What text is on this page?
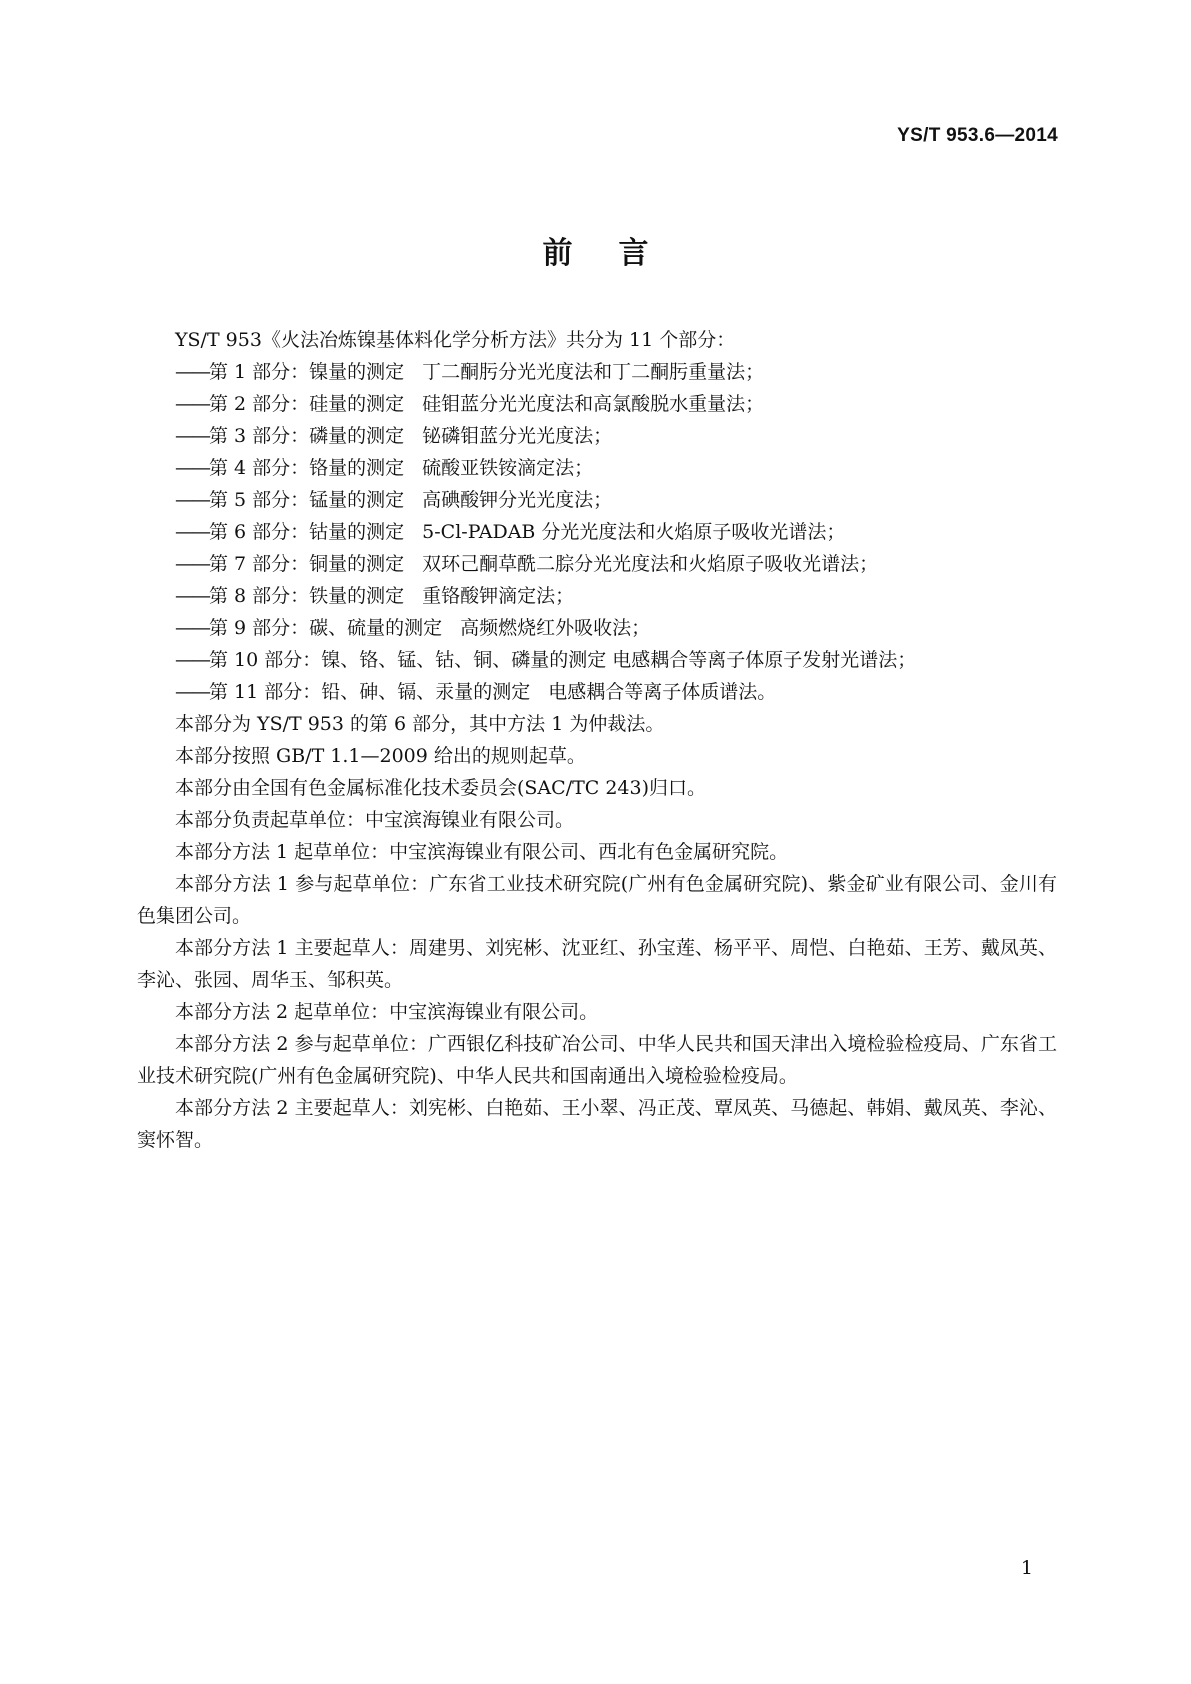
YS/T 953.6—2014
前言

YS/T 953《火法冶炼镍基体料化学分析方法》共分为 11 个部分：

——第 1 部分：镍量的测定 丁二酮肟分光光度法和丁二酮肟重量法；

——第 2 部分：硅量的测定 硅钼蓝分光光度法和高氯酸脱水重量法；

——第 3 部分：磷量的测定 铋磷钼蓝分光光度法；

——第 4 部分：铬量的测定 硫酸亚铁铵滴定法；

——第 5 部分：锰量的测定 高碘酸钾分光光度法；

——第 6 部分：钴量的测定 5-Cl-PADAB 分光光度法和火焰原子吸收光谱法；

——第 7 部分：铜量的测定 双环己酮草酰二腙分光光度法和火焰原子吸收光谱法；

——第 8 部分：铁量的测定 重铬酸钾滴定法；

——第 9 部分：碳、硫量的测定 高频燃烧红外吸收法；

——第 10 部分：镍、铬、锰、钴、铜、磷量的测定 电感耦合等离子体原子发射光谱法；

——第 11 部分：铅、砷、镉、汞量的测定 电感耦合等离子体质谱法。

本部分为 YS/T 953 的第 6 部分，其中方法 1 为仲裁法。

本部分按照 GB/T 1.1—2009 给出的规则起草。

本部分由全国有色金属标准化技术委员会(SAC/TC 243)归口。

本部分负责起草单位：中宝滨海镍业有限公司。

本部分方法 1 起草单位：中宝滨海镍业有限公司、西北有色金属研究院。

本部分方法 1 参与起草单位：广东省工业技术研究院(广州有色金属研究院)、紫金矿业有限公司、金川有色集团公司。

本部分方法 1 主要起草人：周建男、刘宪彬、沈亚红、孙宝莲、杨平平、周恺、白艳茹、王芳、戴凤英、李沁、张园、周华玉、邹积英。

本部分方法 2 起草单位：中宝滨海镍业有限公司。

本部分方法 2 参与起草单位：广西银亿科技矿冶公司、中华人民共和国天津出入境检验检疫局、广东省工业技术研究院(广州有色金属研究院)、中华人民共和国南通出入境检验检疫局。

本部分方法 2 主要起草人：刘宪彬、白艳茹、王小翠、冯正茂、覃凤英、马德起、韩娟、戴凤英、李沁、窦怀智。

1
